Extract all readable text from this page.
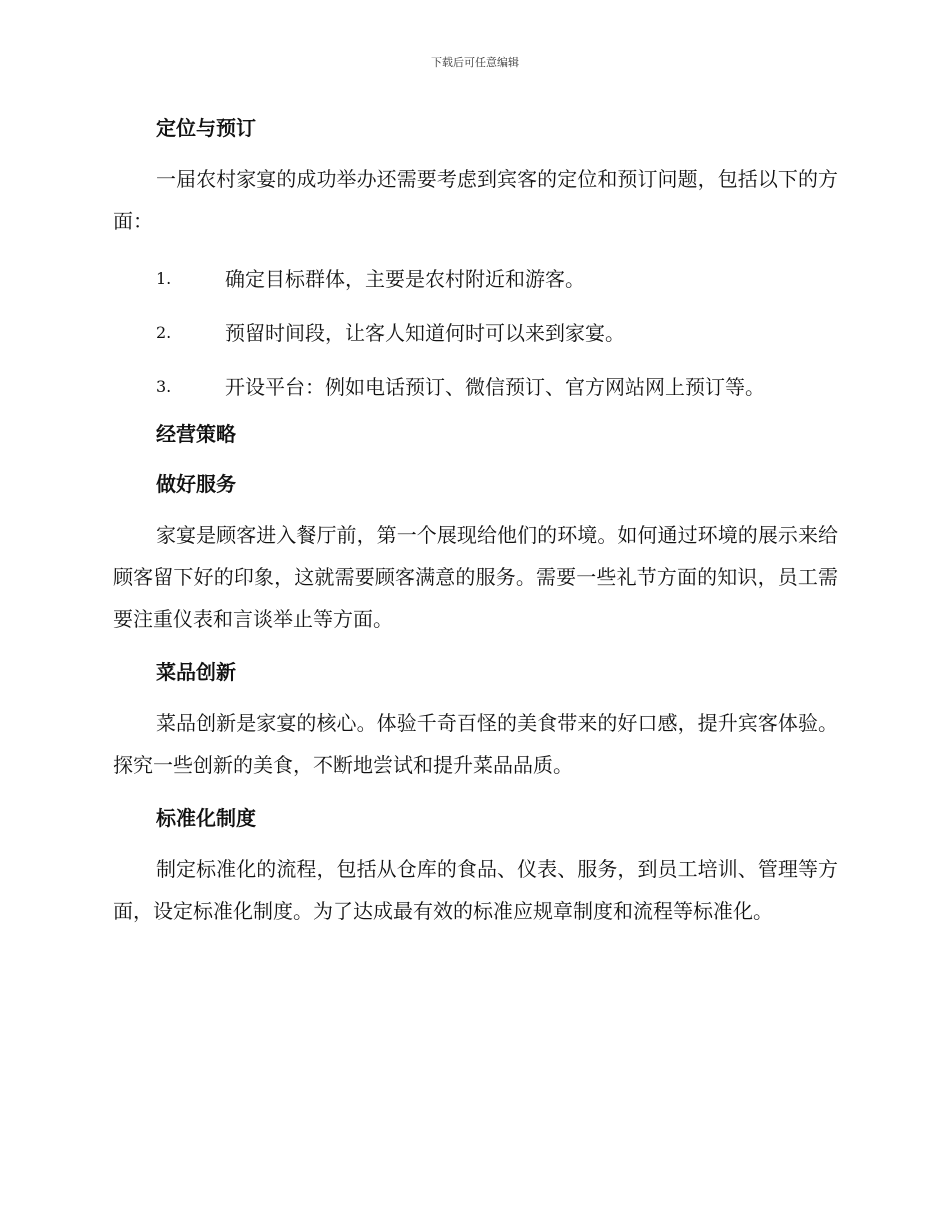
下载后可任意编辑
定位与预订

一届农村家宴的成功举办还需要考虑到宾客的定位和预订问题，包括以下的方面：

1.	确定目标群体，主要是农村附近和游客。
2.	预留时间段，让客人知道何时可以来到家宴。
3.	开设平台：例如电话预订、微信预订、官方网站网上预订等。
经营策略
做好服务

家宴是顾客进入餐厅前，第一个展现给他们的环境。如何通过环境的展示来给顾客留下好的印象，这就需要顾客满意的服务。需要一些礼节方面的知识，员工需要注重仪表和言谈举止等方面。

菜品创新

菜品创新是家宴的核心。体验千奇百怪的美食带来的好口感，提升宾客体验。探究一些创新的美食，不断地尝试和提升菜品品质。

标准化制度

制定标准化的流程，包括从仓库的食品、仪表、服务，到员工培训、管理等方面，设定标准化制度。为了达成最有效的标准应规章制度和流程等标准化。
